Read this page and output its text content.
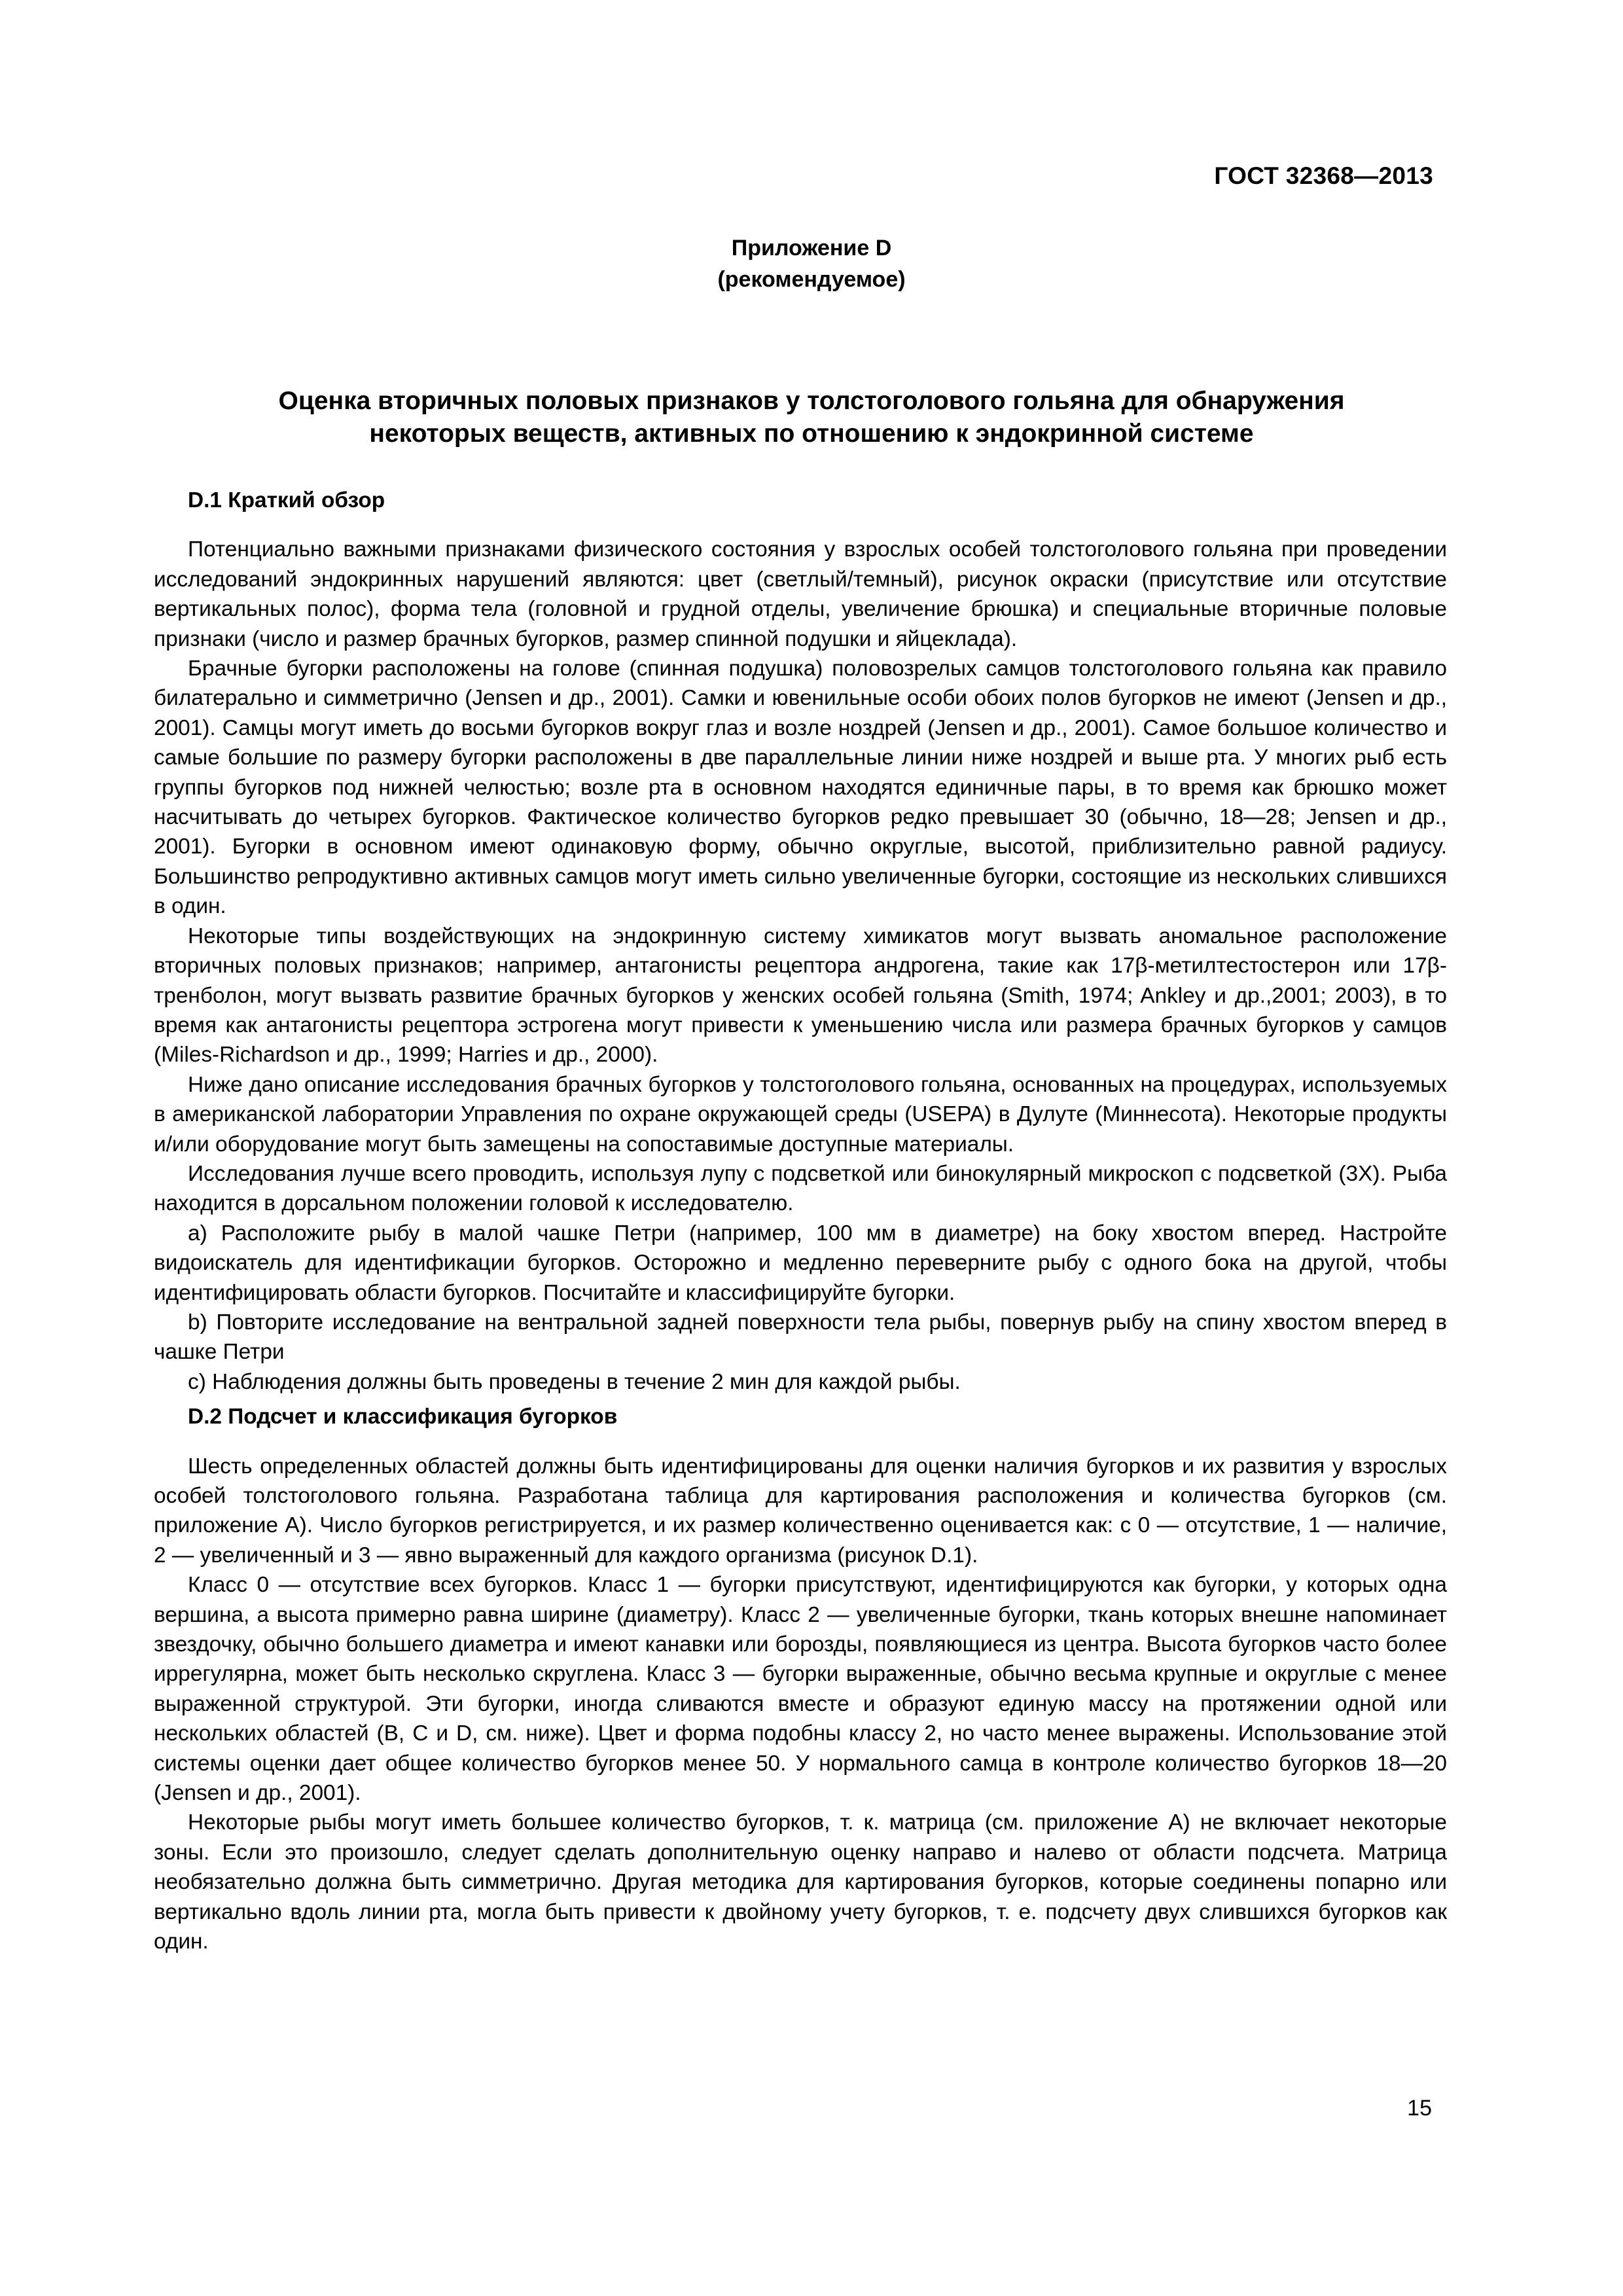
ГОСТ 32368—2013
Приложение D
(рекомендуемое)
Оценка вторичных половых признаков у толстоголового гольяна для обнаружения
некоторых веществ, активных по отношению к эндокринной системе
D.1 Краткий обзор

Потенциально важными признаками физического состояния у взрослых особей толстоголового гольяна при проведении исследований эндокринных нарушений являются: цвет (светлый/темный), рисунок окраски (присутствие или отсутствие вертикальных полос), форма тела (головной и грудной отделы, увеличение брюшка) и специальные вторичные половые признаки (число и размер брачных бугорков, размер спинной подушки и яйцеклада).

Брачные бугорки расположены на голове (спинная подушка) половозрелых самцов толстоголового гольяна как правило билатерально и симметрично (Jensen и др., 2001). Самки и ювенильные особи обоих полов бугорков не имеют (Jensen и др., 2001). Самцы могут иметь до восьми бугорков вокруг глаз и возле ноздрей (Jensen и др., 2001). Самое большое количество и самые большие по размеру бугорки расположены в две параллельные линии ниже ноздрей и выше рта. У многих рыб есть группы бугорков под нижней челюстью; возле рта в основном находятся единичные пары, в то время как брюшко может насчитывать до четырех бугорков. Фактическое количество бугорков редко превышает 30 (обычно, 18—28; Jensen и др., 2001). Бугорки в основном имеют одинаковую форму, обычно округлые, высотой, приблизительно равной радиусу. Большинство репродуктивно активных самцов могут иметь сильно увеличенные бугорки, состоящие из нескольких слившихся в один.

Некоторые типы воздействующих на эндокринную систему химикатов могут вызвать аномальное расположение вторичных половых признаков; например, антагонисты рецептора андрогена, такие как 17β-метилтестостерон или 17β-тренболон, могут вызвать развитие брачных бугорков у женских особей гольяна (Smith, 1974; Ankley и др.,2001; 2003), в то время как антагонисты рецептора эстрогена могут привести к уменьшению числа или размера брачных бугорков у самцов (Miles-Richardson и др., 1999; Harries и др., 2000).

Ниже дано описание исследования брачных бугорков у толстоголового гольяна, основанных на процедурах, используемых в американской лаборатории Управления по охране окружающей среды (USEPA) в Дулуте (Миннесота). Некоторые продукты и/или оборудование могут быть замещены на сопоставимые доступные материалы.

Исследования лучше всего проводить, используя лупу с подсветкой или бинокулярный микроскоп с подсветкой (3X). Рыба находится в дорсальном положении головой к исследователю.

a) Расположите рыбу в малой чашке Петри (например, 100 мм в диаметре) на боку хвостом вперед. Настройте видоискатель для идентификации бугорков. Осторожно и медленно переверните рыбу с одного бока на другой, чтобы идентифицировать области бугорков. Посчитайте и классифицируйте бугорки.

b) Повторите исследование на вентральной задней поверхности тела рыбы, повернув рыбу на спину хвостом вперед в чашке Петри

c) Наблюдения должны быть проведены в течение 2 мин для каждой рыбы.

D.2 Подсчет и классификация бугорков

Шесть определенных областей должны быть идентифицированы для оценки наличия бугорков и их развития у взрослых особей толстоголового гольяна. Разработана таблица для картирования расположения и количества бугорков (см. приложение А). Число бугорков регистрируется, и их размер количественно оценивается как: с 0 — отсутствие, 1 — наличие, 2 — увеличенный и 3 — явно выраженный для каждого организма (рисунок D.1).

Класс 0 — отсутствие всех бугорков. Класс 1 — бугорки присутствуют, идентифицируются как бугорки, у которых одна вершина, а высота примерно равна ширине (диаметру). Класс 2 — увеличенные бугорки, ткань которых внешне напоминает звездочку, обычно большего диаметра и имеют канавки или борозды, появляющиеся из центра. Высота бугорков часто более иррегулярна, может быть несколько скруглена. Класс 3 — бугорки выраженные, обычно весьма крупные и округлые с менее выраженной структурой. Эти бугорки, иногда сливаются вместе и образуют единую массу на протяжении одной или нескольких областей (B, C и D, см. ниже). Цвет и форма подобны классу 2, но часто менее выражены. Использование этой системы оценки дает общее количество бугорков менее 50. У нормального самца в контроле количество бугорков 18—20 (Jensen и др., 2001).

Некоторые рыбы могут иметь большее количество бугорков, т. к. матрица (см. приложение A) не включает некоторые зоны. Если это произошло, следует сделать дополнительную оценку направо и налево от области подсчета. Матрица необязательно должна быть симметрично. Другая методика для картирования бугорков, которые соединены попарно или вертикально вдоль линии рта, могла быть привести к двойному учету бугорков, т. е. подсчету двух слившихся бугорков как один.

15
